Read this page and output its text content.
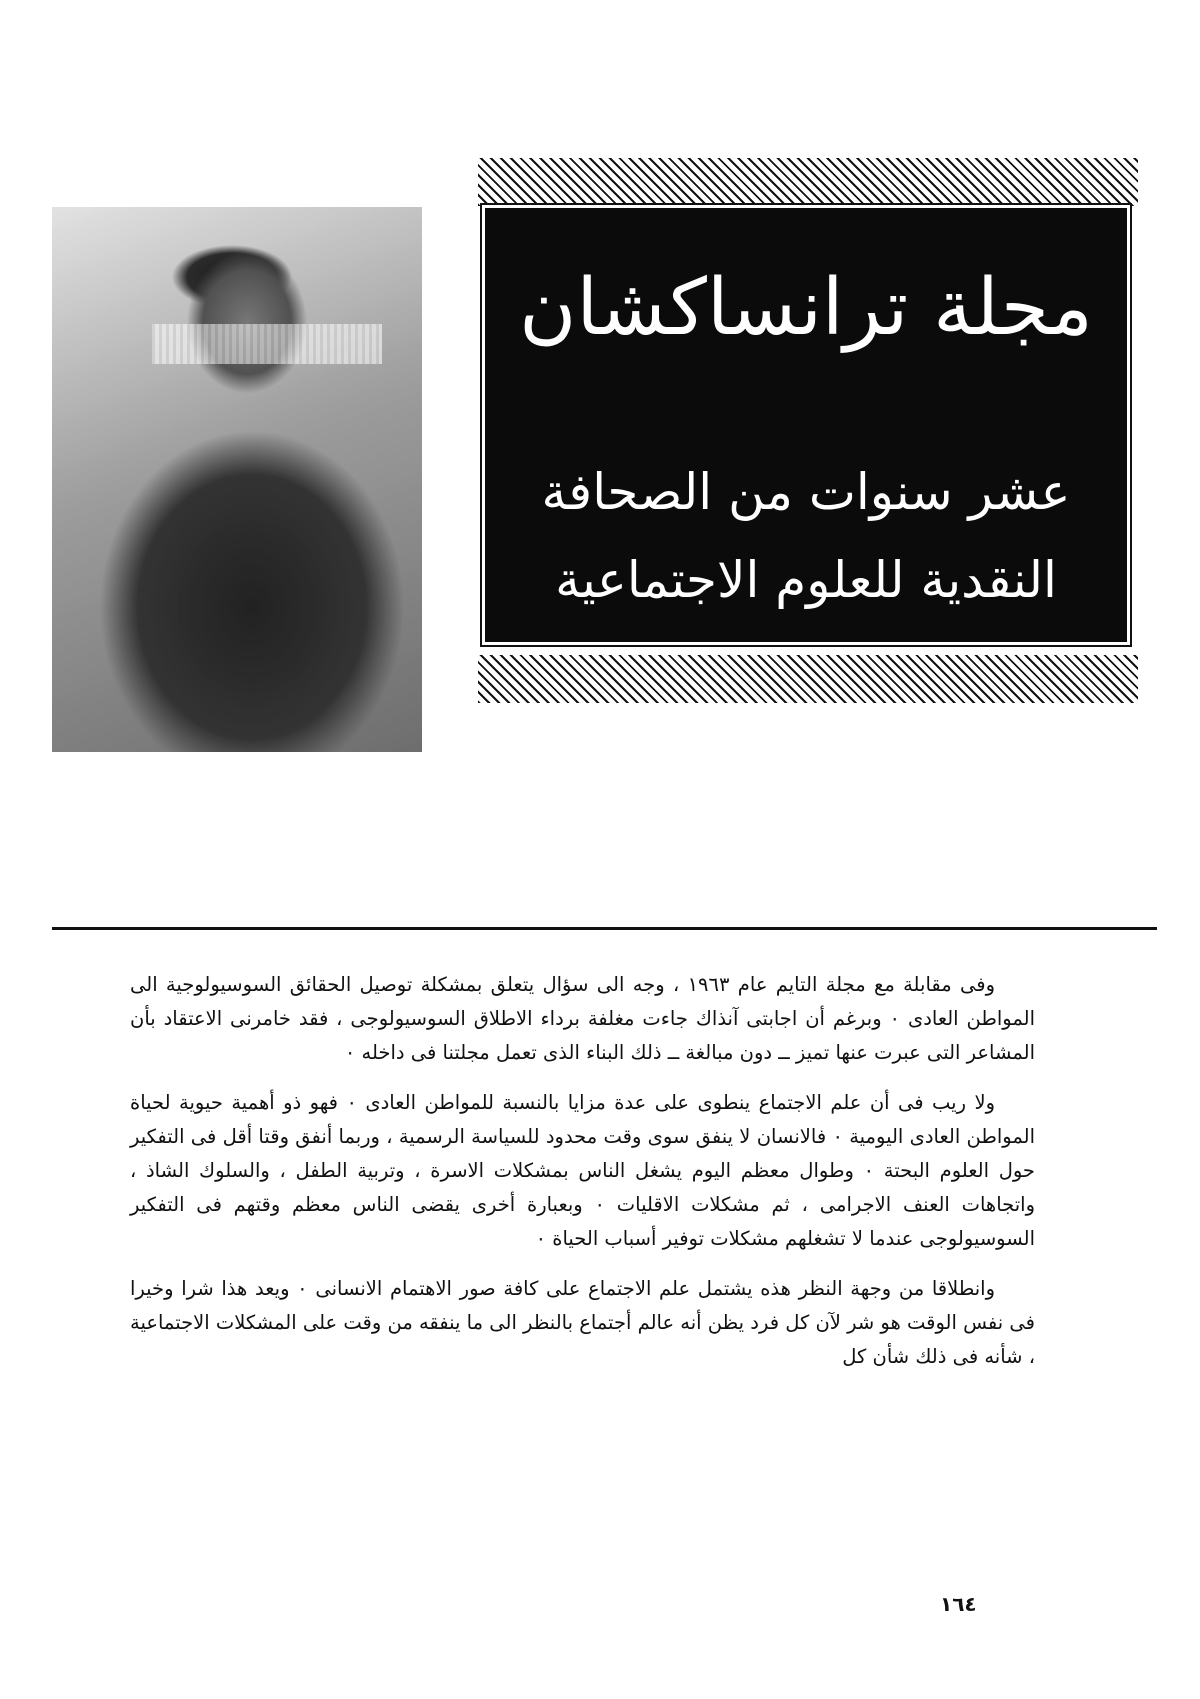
مجلة ترانساكشان
عشر سنوات من الصحافة
النقدية للعلوم الاجتماعية

وفى مقابلة مع مجلة التايم عام ١٩٦٣ ، وجه الى سؤال يتعلق بمشكلة توصيل الحقائق السوسيولوجية الى المواطن العادى ٠ وبرغم أن اجابتى آنذاك جاءت مغلفة برداء الاطلاق السوسيولوجى ، فقد خامرنى الاعتقاد بأن المشاعر التى عبرت عنها تميز ــ دون مبالغة ــ ذلك البناء الذى تعمل مجلتنا فى داخله ٠

ولا ريب فى أن علم الاجتماع ينطوى على عدة مزايا بالنسبة للمواطن العادى ٠ فهو ذو أهمية حيوية لحياة المواطن العادى اليومية ٠ فالانسان لا ينفق سوى وقت محدود للسياسة الرسمية ، وربما أنفق وقتا أقل فى التفكير حول العلوم البحتة ٠ وطوال معظم اليوم يشغل الناس بمشكلات الاسرة ، وتربية الطفل ، والسلوك الشاذ ، واتجاهات العنف الاجرامى ، ثم مشكلات الاقليات ٠ وبعبارة أخرى يقضى الناس معظم وقتهم فى التفكير السوسيولوجى عندما لا تشغلهم مشكلات توفير أسباب الحياة ٠

وانطلاقا من وجهة النظر هذه يشتمل علم الاجتماع على كافة صور الاهتمام الانسانى ٠ ويعد هذا شرا وخيرا فى نفس الوقت هو شر لآن كل فرد يظن أنه عالم أجتماع بالنظر الى ما ينفقه من وقت على المشكلات الاجتماعية ، شأنه فى ذلك شأن كل

١٦٤
